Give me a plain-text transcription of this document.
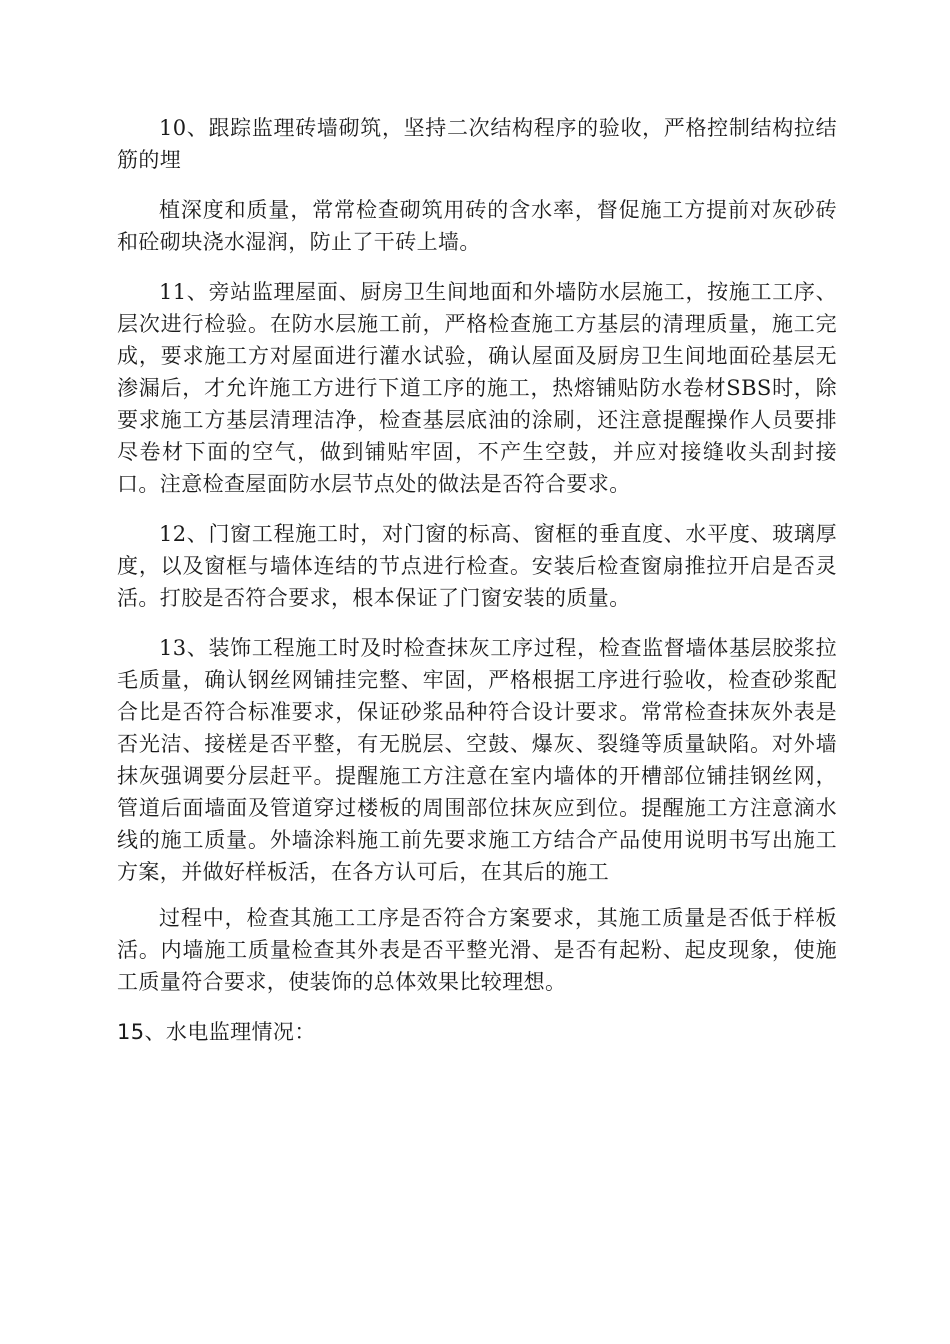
10、跟踪监理砖墙砌筑，坚持二次结构程序的验收，严格控制结构拉结筋的埋

植深度和质量，常常检查砌筑用砖的含水率，督促施工方提前对灰砂砖和砼砌块浇水湿润，防止了干砖上墙。

11、旁站监理屋面、厨房卫生间地面和外墙防水层施工，按施工工序、层次进行检验。在防水层施工前，严格检查施工方基层的清理质量，施工完成，要求施工方对屋面进行灌水试验，确认屋面及厨房卫生间地面砼基层无渗漏后，才允许施工方进行下道工序的施工，热熔铺贴防水卷材SBS时，除要求施工方基层清理洁净，检查基层底油的涂刷，还注意提醒操作人员要排尽卷材下面的空气，做到铺贴牢固，不产生空鼓，并应对接缝收头刮封接口。注意检查屋面防水层节点处的做法是否符合要求。

12、门窗工程施工时，对门窗的标高、窗框的垂直度、水平度、玻璃厚度，以及窗框与墙体连结的节点进行检查。安装后检查窗扇推拉开启是否灵活。打胶是否符合要求，根本保证了门窗安装的质量。

13、装饰工程施工时及时检查抹灰工序过程，检查监督墙体基层胶浆拉毛质量，确认钢丝网铺挂完整、牢固，严格根据工序进行验收，检查砂浆配合比是否符合标准要求，保证砂浆品种符合设计要求。常常检查抹灰外表是否光洁、接槎是否平整，有无脱层、空鼓、爆灰、裂缝等质量缺陷。对外墙抹灰强调要分层赶平。提醒施工方注意在室内墙体的开槽部位铺挂钢丝网，管道后面墙面及管道穿过楼板的周围部位抹灰应到位。提醒施工方注意滴水线的施工质量。外墙涂料施工前先要求施工方结合产品使用说明书写出施工方案，并做好样板活，在各方认可后，在其后的施工

过程中，检查其施工工序是否符合方案要求，其施工质量是否低于样板活。内墙施工质量检查其外表是否平整光滑、是否有起粉、起皮现象，使施工质量符合要求，使装饰的总体效果比较理想。

15、水电监理情况：
